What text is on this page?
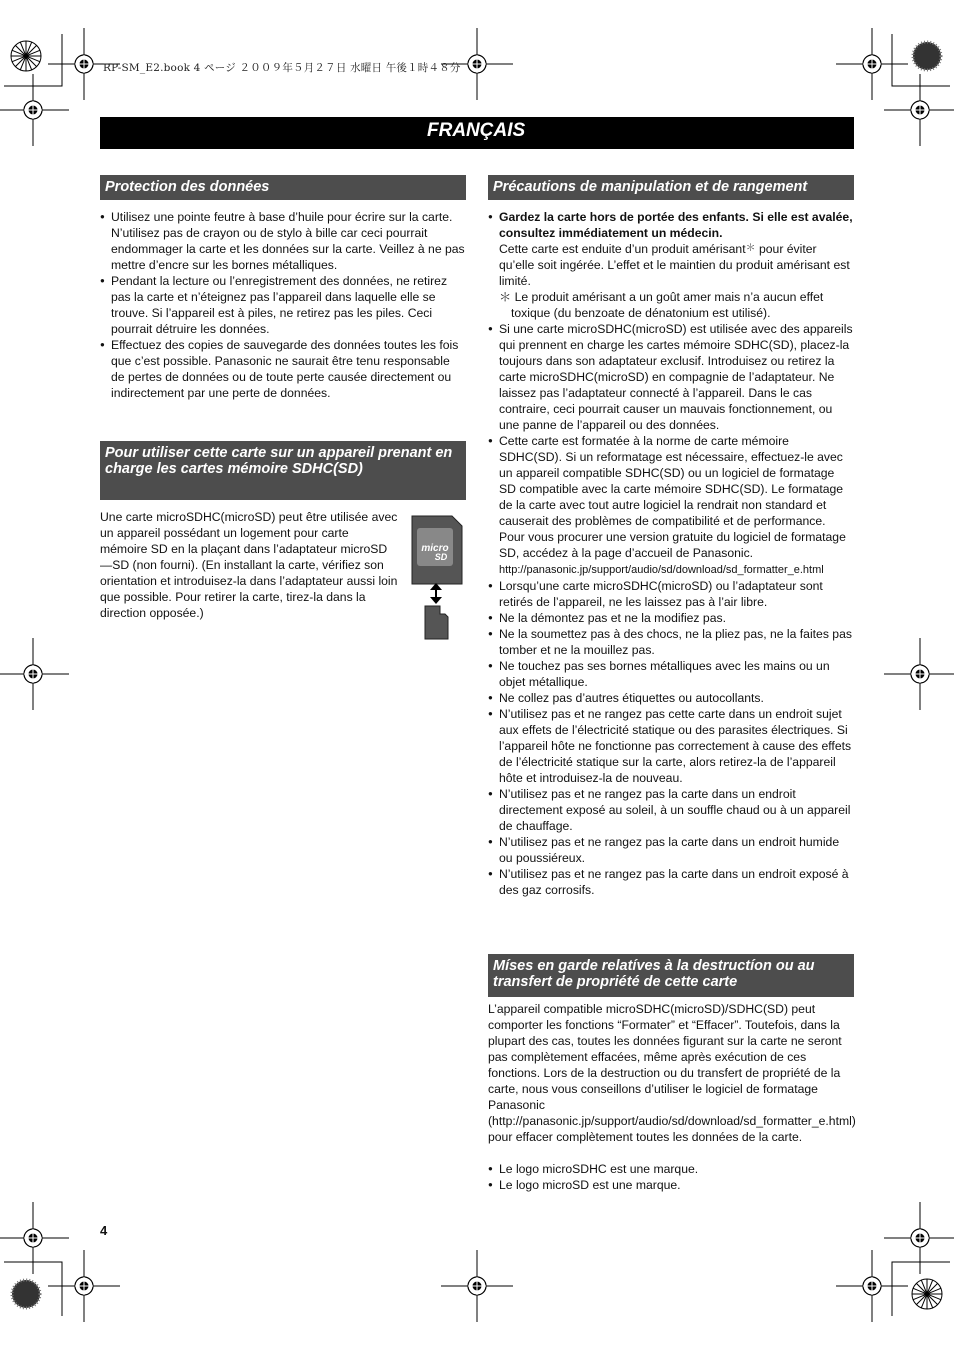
RP-SM_E2.book 4 ページ ２００９年５月２７日 水曜日 午後１時４８分
FRANÇAIS
Protection des données
● Utilisez une pointe feutre à base d’huile pour écrire sur la carte. N’utilisez pas de crayon ou de stylo à bille car ceci pourrait endommager la carte et les données sur la carte. Veillez à ne pas mettre d’encre sur les bornes métalliques.
● Pendant la lecture ou l’enregistrement des données, ne retirez pas la carte et n’éteignez pas l’appareil dans laquelle elle se trouve. Si l’appareil est à piles, ne retirez pas les piles. Ceci pourrait détruire les données.
● Effectuez des copies de sauvegarde des données toutes les fois que c’est possible. Panasonic ne saurait être tenu responsable de pertes de données ou de toute perte causée directement ou indirectement par une perte de données.
Pour utiliser cette carte sur un appareil prenant en charge les cartes mémoire SDHC(SD)

Une carte microSDHC(microSD) peut être utilisée avec un appareil possédant un logement pour carte mémoire SD en la plaçant dans l’adaptateur microSD—SD (non fourni). (En installant la carte, vérifiez son orientation et introduisez-la dans l’adaptateur aussi loin que possible. Pour retirer la carte, tirez-la dans la direction opposée.)

micro
SD
Précautions de manipulation et de rangement
● Gardez la carte hors de portée des enfants. Si elle est avalée, consultez immédiatement un médecin.
Cette carte est enduite d’un produit amérisant＊ pour éviter qu’elle soit ingérée. L’effet et le maintien du produit amérisant est limité.
＊ Le produit amérisant a un goût amer mais n’a aucun effet toxique (du benzoate de dénatonium est utilisé).
● Si une carte microSDHC(microSD) est utilisée avec des appareils qui prennent en charge les cartes mémoire SDHC(SD), placez-la toujours dans son adaptateur exclusif. Introduisez ou retirez la carte microSDHC(microSD) en compagnie de l’adaptateur. Ne laissez pas l’adaptateur connecté à l’appareil. Dans le cas contraire, ceci pourrait causer un mauvais fonctionnement, ou une panne de l’appareil ou des données.
● Cette carte est formatée à la norme de carte mémoire SDHC(SD). Si un reformatage est nécessaire, effectuez-le avec un appareil compatible SDHC(SD) ou un logiciel de formatage SD compatible avec la carte mémoire SDHC(SD). Le formatage de la carte avec tout autre logiciel la rendrait non standard et causerait des problèmes de compatibilité et de performance. Pour vous procurer une version gratuite du logiciel de formatage SD, accédez à la page d’accueil de Panasonic.
http://panasonic.jp/support/audio/sd/download/sd_formatter_e.html
● Lorsqu’une carte microSDHC(microSD) ou l’adaptateur sont retirés de l’appareil, ne les laissez pas à l’air libre.
● Ne la démontez pas et ne la modifiez pas.
● Ne la soumettez pas à des chocs, ne la pliez pas, ne la faites pas tomber et ne la mouillez pas.
● Ne touchez pas ses bornes métalliques avec les mains ou un objet métallique.
● Ne collez pas d’autres étiquettes ou autocollants.
● N’utilisez pas et ne rangez pas cette carte dans un endroit sujet aux effets de l’électricité statique ou des parasites électriques. Si l’appareil hôte ne fonctionne pas correctement à cause des effets de l’électricité statique sur la carte, alors retirez-la de l’appareil hôte et introduisez-la de nouveau.
● N’utilisez pas et ne rangez pas la carte dans un endroit directement exposé au soleil, à un souffle chaud ou à un appareil de chauffage.
● N’utilisez pas et ne rangez pas la carte dans un endroit humide ou poussiéreux.
● N’utilisez pas et ne rangez pas la carte dans un endroit exposé à des gaz corrosifs.
Míses en garde relatíves à la destructíon ou au transfert de propriété de cette carte

L’appareil compatible microSDHC(microSD)/SDHC(SD) peut comporter les fonctions “Formater” et “Effacer”. Toutefois, dans la plupart des cas, toutes les données figurant sur la carte ne seront pas complètement effacées, même après exécution de ces fonctions. Lors de la destruction ou du transfert de propriété de la carte, nous vous conseillons d’utiliser le logiciel de formatage Panasonic (http://panasonic.jp/support/audio/sd/download/sd_formatter_e.html) pour effacer complètement toutes les données de la carte.

● Le logo microSDHC est une marque.
● Le logo microSD est une marque.
4
